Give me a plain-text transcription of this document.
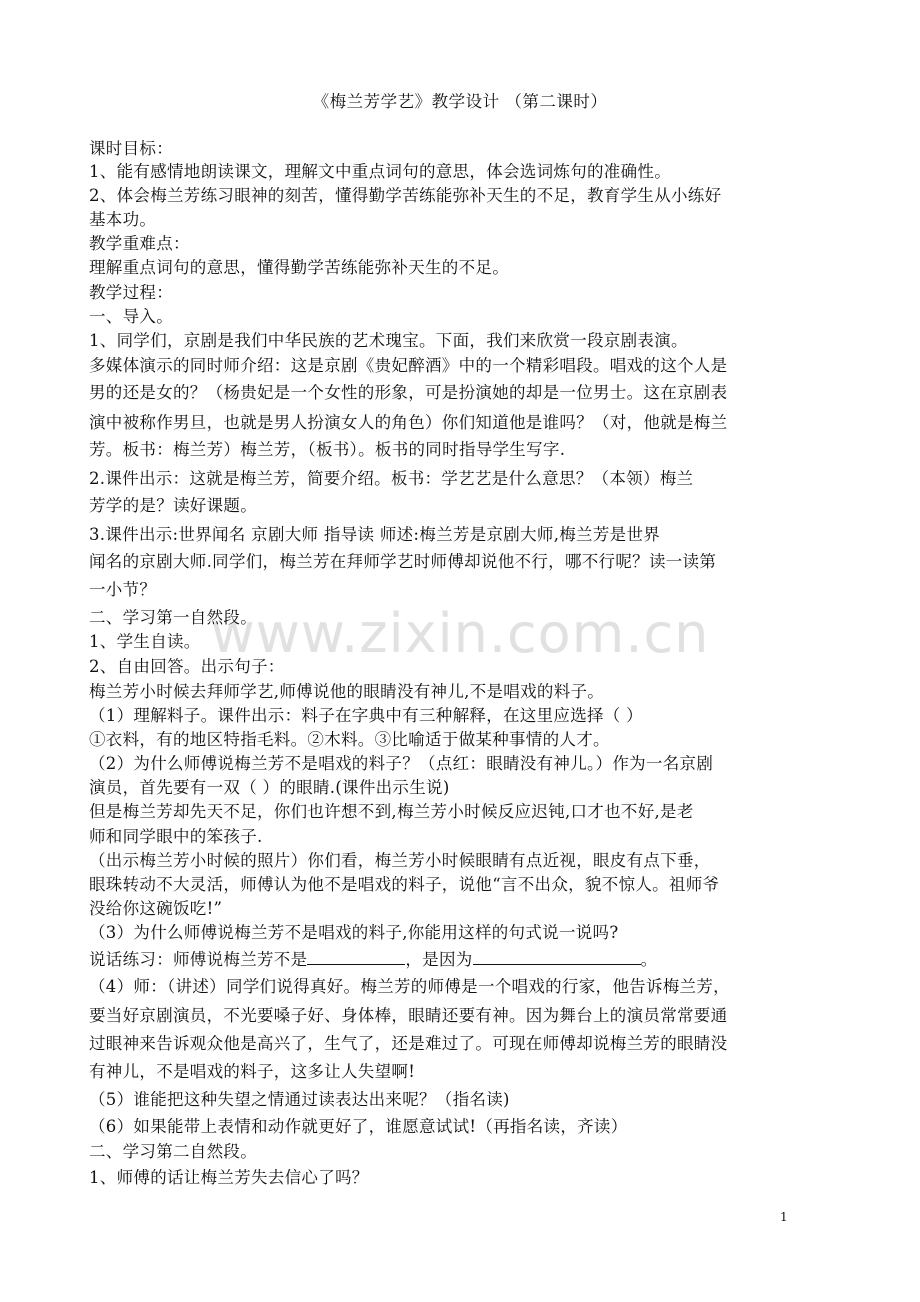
《梅兰芳学艺》教学设计 （第二课时）
www.zixin.com.cn
课时目标：
1、能有感情地朗读课文，理解文中重点词句的意思，体会选词炼句的准确性。
2、体会梅兰芳练习眼神的刻苦，懂得勤学苦练能弥补天生的不足，教育学生从小练好
基本功。
教学重难点：
理解重点词句的意思，懂得勤学苦练能弥补天生的不足。
教学过程：
一、导入。
1、同学们，京剧是我们中华民族的艺术瑰宝。下面，我们来欣赏一段京剧表演。
多媒体演示的同时师介绍：这是京剧《贵妃醉酒》中的一个精彩唱段。唱戏的这个人是
男的还是女的？（杨贵妃是一个女性的形象，可是扮演她的却是一位男士。这在京剧表
演中被称作男旦，也就是男人扮演女人的角色）你们知道他是谁吗？（对，他就是梅兰
芳。板书：梅兰芳）梅兰芳，（板书）。板书的同时指导学生写字.
2.课件出示：这就是梅兰芳，简要介绍。板书：学艺艺是什么意思？（本领）梅兰
芳学的是？读好课题。
3.课件出示:世界闻名 京剧大师 指导读 师述:梅兰芳是京剧大师,梅兰芳是世界
闻名的京剧大师.同学们，梅兰芳在拜师学艺时师傅却说他不行，哪不行呢？读一读第
一小节？
二、学习第一自然段。
1、学生自读。
2、自由回答。出示句子：
梅兰芳小时候去拜师学艺,师傅说他的眼睛没有神儿,不是唱戏的料子。
（1）理解料子。课件出示：料子在字典中有三种解释，在这里应选择（ ）
①衣料，有的地区特指毛料。②木料。③比喻适于做某种事情的人才。
（2）为什么师傅说梅兰芳不是唱戏的料子？（点红：眼睛没有神儿。）作为一名京剧
演员，首先要有一双（ ）的眼睛.(课件出示生说)
但是梅兰芳却先天不足，你们也许想不到,梅兰芳小时候反应迟钝,口才也不好,是老
师和同学眼中的笨孩子.
（出示梅兰芳小时候的照片）你们看，梅兰芳小时候眼睛有点近视，眼皮有点下垂，
眼珠转动不大灵活，师傅认为他不是唱戏的料子，说他“言不出众，貌不惊人。祖师爷
没给你这碗饭吃!”
（3）为什么师傅说梅兰芳不是唱戏的料子,你能用这样的句式说一说吗?
说话练习：师傅说梅兰芳不是	，是因为	。
（4）师：（讲述）同学们说得真好。梅兰芳的师傅是一个唱戏的行家，他告诉梅兰芳，
要当好京剧演员，不光要嗓子好、身体棒，眼睛还要有神。因为舞台上的演员常常要通
过眼神来告诉观众他是高兴了，生气了，还是难过了。可现在师傅却说梅兰芳的眼睛没
有神儿，不是唱戏的料子，这多让人失望啊!
（5）谁能把这种失望之情通过读表达出来呢？（指名读)
（6）如果能带上表情和动作就更好了，谁愿意试试!（再指名读，齐读）
二、学习第二自然段。
1、师傅的话让梅兰芳失去信心了吗？
1
